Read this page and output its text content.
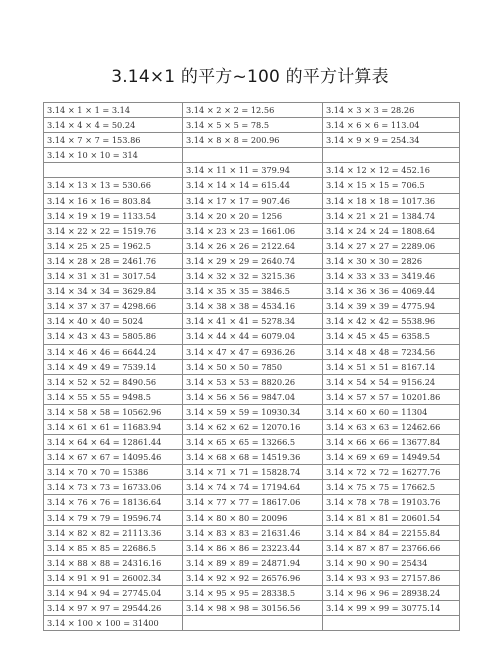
3.14×1 的平方~100 的平方计算表
3.14 × 1 × 1 = 3.14	3.14 × 2 × 2 = 12.56	3.14 × 3 × 3 = 28.26
3.14 × 4 × 4 = 50.24	3.14 × 5 × 5 = 78.5	3.14 × 6 × 6 = 113.04
3.14 × 7 × 7 = 153.86	3.14 × 8 × 8 = 200.96	3.14 × 9 × 9 = 254.34
3.14 × 10 × 10 = 314		
	3.14 × 11 × 11 = 379.94	3.14 × 12 × 12 = 452.16
3.14 × 13 × 13 = 530.66	3.14 × 14 × 14 = 615.44	3.14 × 15 × 15 = 706.5
3.14 × 16 × 16 = 803.84	3.14 × 17 × 17 = 907.46	3.14 × 18 × 18 = 1017.36
3.14 × 19 × 19 = 1133.54	3.14 × 20 × 20 = 1256	3.14 × 21 × 21 = 1384.74
3.14 × 22 × 22 = 1519.76	3.14 × 23 × 23 = 1661.06	3.14 × 24 × 24 = 1808.64
3.14 × 25 × 25 = 1962.5	3.14 × 26 × 26 = 2122.64	3.14 × 27 × 27 = 2289.06
3.14 × 28 × 28 = 2461.76	3.14 × 29 × 29 = 2640.74	3.14 × 30 × 30 = 2826
3.14 × 31 × 31 = 3017.54	3.14 × 32 × 32 = 3215.36	3.14 × 33 × 33 = 3419.46
3.14 × 34 × 34 = 3629.84	3.14 × 35 × 35 = 3846.5	3.14 × 36 × 36 = 4069.44
3.14 × 37 × 37 = 4298.66	3.14 × 38 × 38 = 4534.16	3.14 × 39 × 39 = 4775.94
3.14 × 40 × 40 = 5024	3.14 × 41 × 41 = 5278.34	3.14 × 42 × 42 = 5538.96
3.14 × 43 × 43 = 5805.86	3.14 × 44 × 44 = 6079.04	3.14 × 45 × 45 = 6358.5
3.14 × 46 × 46 = 6644.24	3.14 × 47 × 47 = 6936.26	3.14 × 48 × 48 = 7234.56
3.14 × 49 × 49 = 7539.14	3.14 × 50 × 50 = 7850	3.14 × 51 × 51 = 8167.14
3.14 × 52 × 52 = 8490.56	3.14 × 53 × 53 = 8820.26	3.14 × 54 × 54 = 9156.24
3.14 × 55 × 55 = 9498.5	3.14 × 56 × 56 = 9847.04	3.14 × 57 × 57 = 10201.86
3.14 × 58 × 58 = 10562.96	3.14 × 59 × 59 = 10930.34	3.14 × 60 × 60 = 11304
3.14 × 61 × 61 = 11683.94	3.14 × 62 × 62 = 12070.16	3.14 × 63 × 63 = 12462.66
3.14 × 64 × 64 = 12861.44	3.14 × 65 × 65 = 13266.5	3.14 × 66 × 66 = 13677.84
3.14 × 67 × 67 = 14095.46	3.14 × 68 × 68 = 14519.36	3.14 × 69 × 69 = 14949.54
3.14 × 70 × 70 = 15386	3.14 × 71 × 71 = 15828.74	3.14 × 72 × 72 = 16277.76
3.14 × 73 × 73 = 16733.06	3.14 × 74 × 74 = 17194.64	3.14 × 75 × 75 = 17662.5
3.14 × 76 × 76 = 18136.64	3.14 × 77 × 77 = 18617.06	3.14 × 78 × 78 = 19103.76
3.14 × 79 × 79 = 19596.74	3.14 × 80 × 80 = 20096	3.14 × 81 × 81 = 20601.54
3.14 × 82 × 82 = 21113.36	3.14 × 83 × 83 = 21631.46	3.14 × 84 × 84 = 22155.84
3.14 × 85 × 85 = 22686.5	3.14 × 86 × 86 = 23223.44	3.14 × 87 × 87 = 23766.66
3.14 × 88 × 88 = 24316.16	3.14 × 89 × 89 = 24871.94	3.14 × 90 × 90 = 25434
3.14 × 91 × 91 = 26002.34	3.14 × 92 × 92 = 26576.96	3.14 × 93 × 93 = 27157.86
3.14 × 94 × 94 = 27745.04	3.14 × 95 × 95 = 28338.5	3.14 × 96 × 96 = 28938.24
3.14 × 97 × 97 = 29544.26	3.14 × 98 × 98 = 30156.56	3.14 × 99 × 99 = 30775.14
3.14 × 100 × 100 = 31400		
